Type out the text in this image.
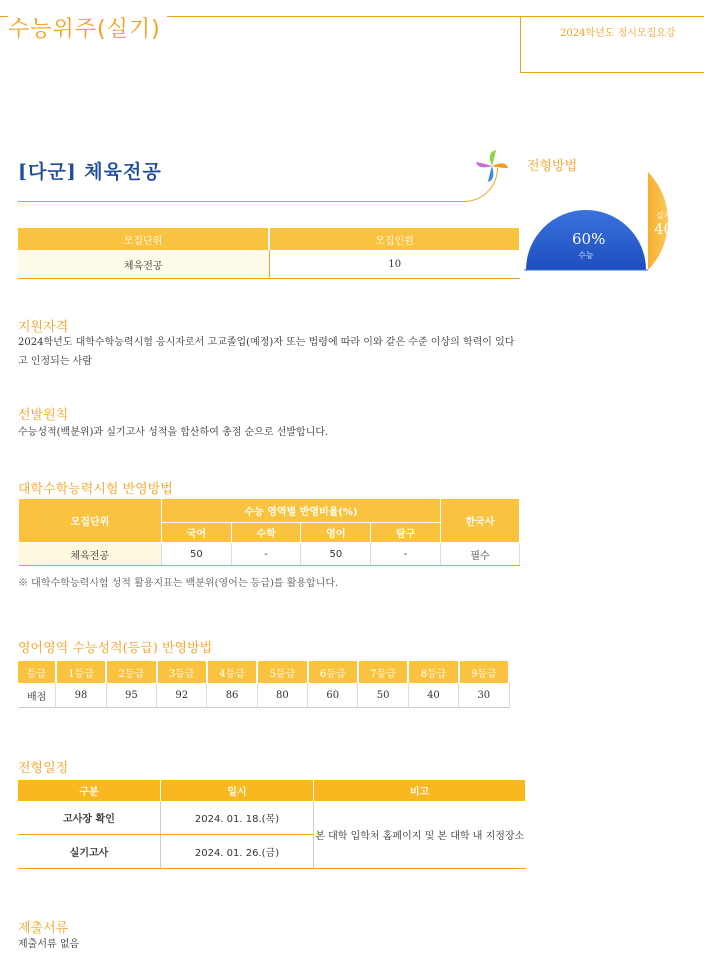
수능위주(실기)	2024학년도 정시모집요강
[다군] 체육전공	전형방법
60%
수능
실기
40%
모집단위	모집인원
체육전공	10
지원자격
2024학년도 대학수학능력시험 응시자로서 고교졸업(예정)자 또는 법령에 따라 이와 같은 수준 이상의 학력이 있다고 인정되는 사람
선발원칙
수능성적(백분위)과 실기고사 성적을 합산하여 총점 순으로 선발합니다.
대학수학능력시험 반영방법
모집단위	수능 영역별 반영비율(%)				한국사
	국어	수학	영어	탐구	
체육전공	50	-	50	-	필수
※ 대학수학능력시험 성적 활용지표는 백분위(영어는 등급)를 활용합니다.
영어영역 수능성적(등급) 반영방법
등급	1등급	2등급	3등급	4등급	5등급	6등급	7등급	8등급	9등급
배점	98	95	92	86	80	60	50	40	30
전형일정
구분	일시	비고
고사장 확인	2024. 01. 18.(목)	본 대학 입학처 홈페이지 및 본 대학 내 지정장소
실기고사	2024. 01. 26.(금)	
제출서류
제출서류 없음
